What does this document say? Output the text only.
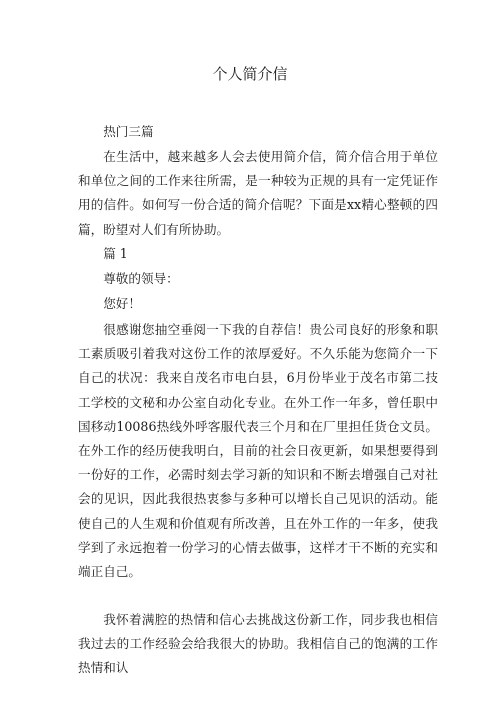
个人简介信

热门三篇

在生活中，越来越多人会去使用简介信，简介信合用于单位和单位之间的工作来往所需，是一种较为正规的具有一定凭证作用的信件。如何写一份合适的简介信呢？下面是xx精心整顿的四篇，盼望对人们有所协助。

篇 1

尊敬的领导：

您好！

很感谢您抽空垂阅一下我的自荐信！贵公司良好的形象和职工素质吸引着我对这份工作的浓厚爱好。不久乐能为您简介一下自己的状况：我来自茂名市电白县，6月份毕业于茂名市第二技工学校的文秘和办公室自动化专业。在外工作一年多，曾任职中国移动10086热线外呼客服代表三个月和在厂里担任货仓文员。在外工作的经历使我明白，目前的社会日夜更新，如果想要得到一份好的工作，必需时刻去学习新的知识和不断去增强自己对社会的见识，因此我很热衷参与多种可以增长自己见识的活动。能使自己的人生观和价值观有所改善，且在外工作的一年多，使我学到了永远抱着一份学习的心情去做事，这样才干不断的充实和端正自己。

我怀着满腔的热情和信心去挑战这份新工作，同步我也相信我过去的工作经验会给我很大的协助。我相信自己的饱满的工作热情和认
